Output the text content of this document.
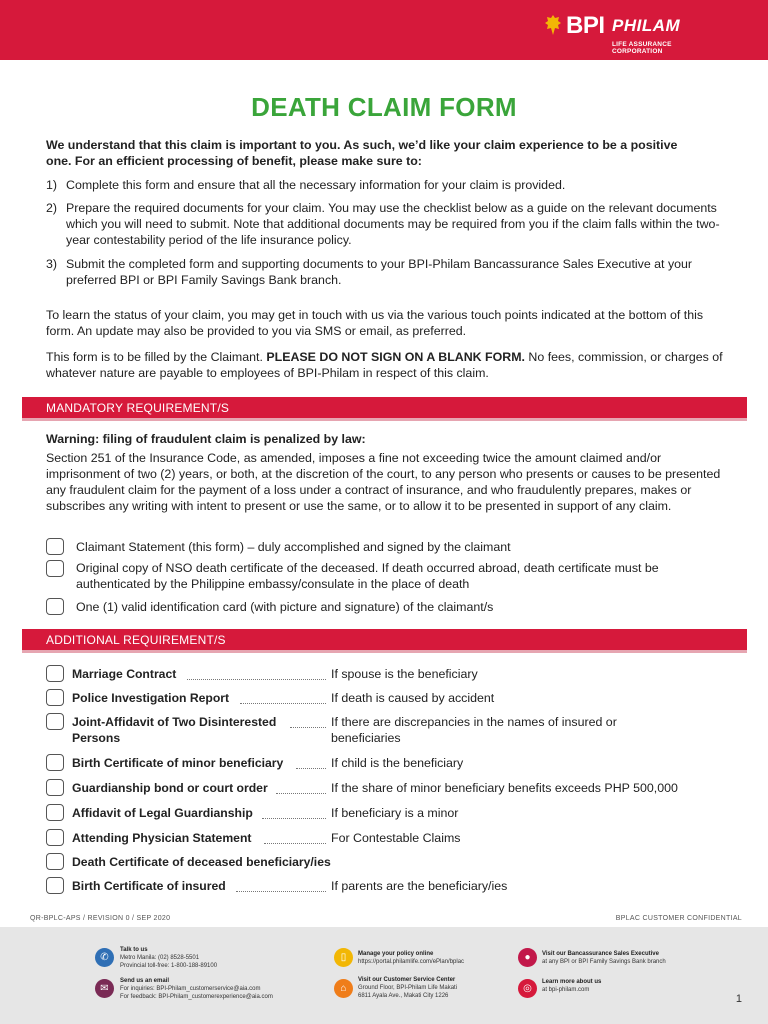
BPI PHILAM
LIFE ASSURANCE CORPORATION
DEATH CLAIM FORM
We understand that this claim is important to you. As such, we’d like your claim experience to be a positive
one. For an efficient processing of benefit, please make sure to:
1) Complete this form and ensure that all the necessary information for your claim is provided.
2) Prepare the required documents for your claim. You may use the checklist below as a guide on the relevant documents which you will need to submit. Note that additional documents may be required from you if the claim falls within the two-year contestability period of the life insurance policy.
3) Submit the completed form and supporting documents to your BPI-Philam Bancassurance Sales Executive at your preferred BPI or BPI Family Savings Bank branch.
To learn the status of your claim, you may get in touch with us via the various touch points indicated at the bottom of this form. An update may also be provided to you via SMS or email, as preferred.
This form is to be filled by the Claimant. PLEASE DO NOT SIGN ON A BLANK FORM. No fees, commission, or charges of whatever nature are payable to employees of BPI-Philam in respect of this claim.
MANDATORY REQUIREMENT/S
Warning: filing of fraudulent claim is penalized by law:
Section 251 of the Insurance Code, as amended, imposes a fine not exceeding twice the amount claimed and/or imprisonment of two (2) years, or both, at the discretion of the court, to any person who presents or causes to be presented any fraudulent claim for the payment of a loss under a contract of insurance, and who fraudulently prepares, makes or subscribes any writing with intent to present or use the same, or to allow it to be presented in support of any claim.
Claimant Statement (this form) – duly accomplished and signed by the claimant
Original copy of NSO death certificate of the deceased. If death occurred abroad, death certificate must be authenticated by the Philippine embassy/consulate in the place of death
One (1) valid identification card (with picture and signature) of the claimant/s
ADDITIONAL REQUIREMENT/S
Marriage Contract	If spouse is the beneficiary
Police Investigation Report	If death is caused by accident
Joint-Affidavit of Two Disinterested Persons
If there are discrepancies in the names of insured or beneficiaries
Birth Certificate of minor beneficiary	If child is the beneficiary
Guardianship bond or court order	If the share of minor beneficiary benefits exceeds PHP 500,000
Affidavit of Legal Guardianship	If beneficiary is a minor
Attending Physician Statement	For Contestable Claims
Death Certificate of deceased beneficiary/ies
Birth Certificate of insured	If parents are the beneficiary/ies
QR-BPLC-APS / REVISION 0 / SEP 2020	BPLAC CUSTOMER CONFIDENTIAL
✆
Talk to us
Metro Manila: (02) 8528-5501
Provincial toll-free: 1-800-188-89100
✉
Send us an email
For inquiries: BPI-Philam_customerservice@aia.com
For feedback: BPI-Philam_customerexperience@aia.com
▯	Manage your policy online
https://portal.philamlife.com/ePlan/bplac
⌂
Visit our Customer Service Center
Ground Floor, BPI-Philam Life Makati
6811 Ayala Ave., Makati City 1226
●	Visit our Bancassurance Sales Executive
at any BPI or BPI Family Savings Bank branch
◎
Learn more about us
at bpi-philam.com
1
